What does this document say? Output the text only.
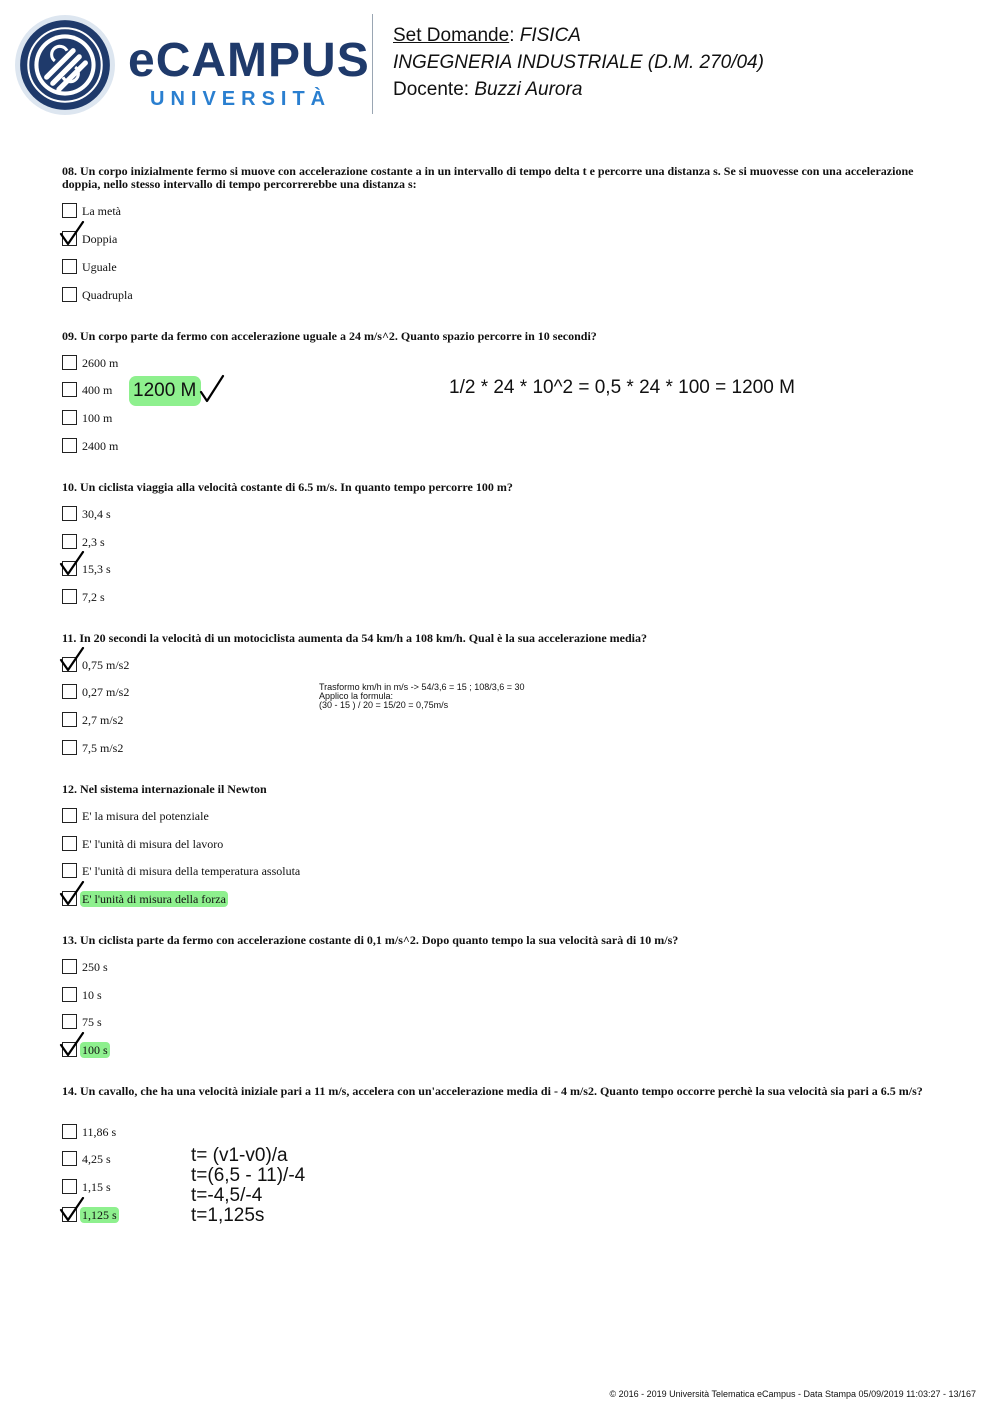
eCAMPUS
UNIVERSITÀ
Set Domande: FISICA
INGEGNERIA INDUSTRIALE (D.M. 270/04)
Docente: Buzzi Aurora

08. Un corpo inizialmente fermo si muove con accelerazione costante a in un intervallo di tempo delta t e percorre una distanza s. Se si muovesse con una accelerazione doppia, nello stesso intervallo di tempo percorrerebbe una distanza s:

La metà
Doppia
Uguale
Quadrupla

09. Un corpo parte da fermo con accelerazione uguale a 24 m/s^2. Quanto spazio percorre in 10 secondi?

2600 m
400 m
100 m
2400 m
1200 M	1/2 * 24 * 10^2 = 0,5 * 24 * 100 = 1200 M

10. Un ciclista viaggia alla velocità costante di 6.5 m/s. In quanto tempo percorre 100 m?

30,4 s
2,3 s
15,3 s
7,2 s

11. In 20 secondi la velocità di un motociclista aumenta da 54 km/h a 108 km/h. Qual è la sua accelerazione media?

0,75 m/s2
0,27 m/s2
2,7 m/s2
7,5 m/s2
Trasformo km/h in m/s -> 54/3,6 = 15 ; 108/3,6 = 30
Applico la formula:
(30 - 15 ) / 20 = 15/20 = 0,75m/s

12. Nel sistema internazionale il Newton

E' la misura del potenziale
E' l'unità di misura del lavoro
E' l'unità di misura della temperatura assoluta
E' l'unità di misura della forza

13. Un ciclista parte da fermo con accelerazione costante di 0,1 m/s^2. Dopo quanto tempo la sua velocità sarà di 10 m/s?

250 s
10 s
75 s
100 s

14. Un cavallo, che ha una velocità iniziale pari a 11 m/s, accelera con un'accelerazione media di - 4 m/s2. Quanto tempo occorre perchè la sua velocità sia pari a 6.5 m/s?

11,86 s
4,25 s
1,15 s
1,125 s
t= (v1-v0)/a
t=(6,5 - 11)/-4
t=-4,5/-4
t=1,125s
© 2016 - 2019 Università Telematica eCampus - Data Stampa 05/09/2019 11:03:27 - 13/167
